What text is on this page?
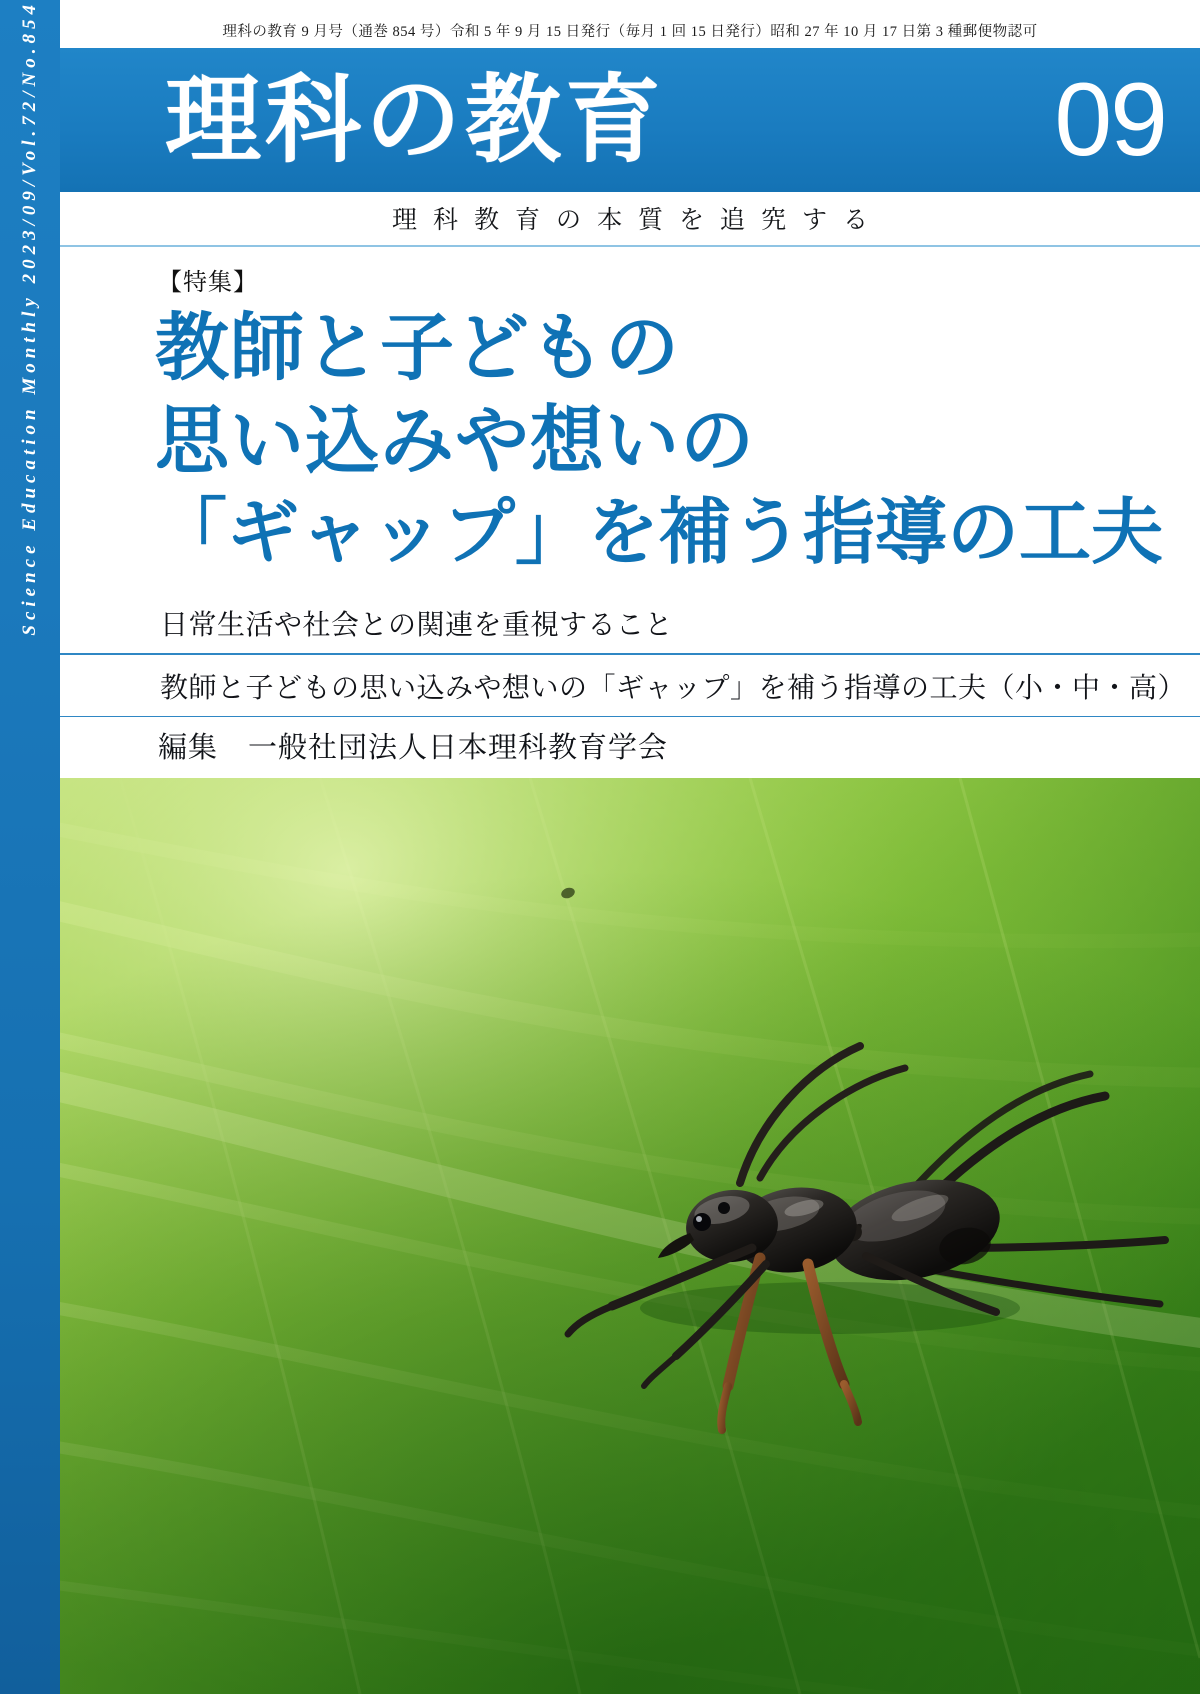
Science Education Monthly 2023/09/Vol.72/No.854	理科の教育 9 月号（通巻 854 号）令和 5 年 9 月 15 日発行（毎月 1 回 15 日発行）昭和 27 年 10 月 17 日第 3 種郵便物認可
理科の教育	09
理科教育の本質を追究する
【特集】
教師と子どもの
思い込みや想いの
「ギャップ」を補う指導の工夫
日常生活や社会との関連を重視すること
教師と子どもの思い込みや想いの「ギャップ」を補う指導の工夫（小・中・高）
編集　一般社団法人日本理科教育学会
